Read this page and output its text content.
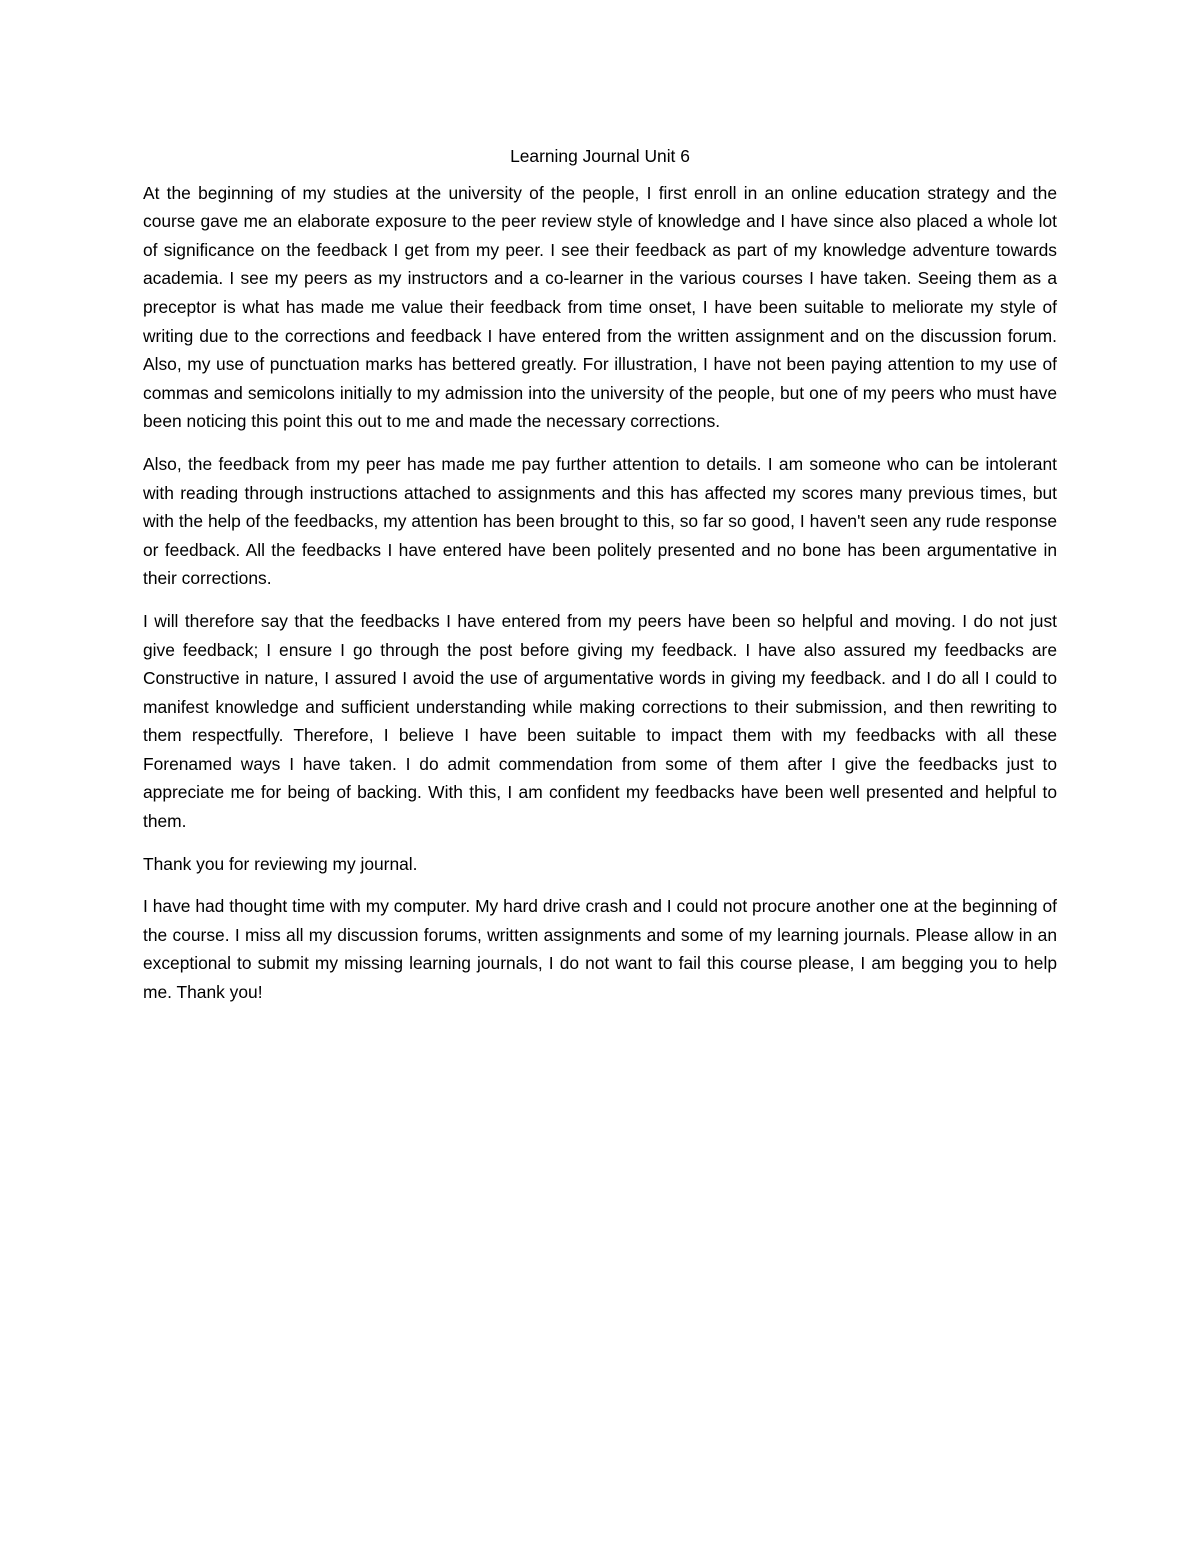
Learning Journal Unit 6

At the beginning of my studies at the university of the people, I first enroll in an online education strategy and the course gave me an elaborate exposure to the peer review style of knowledge and I have since also placed a whole lot of significance on the feedback I get from my peer. I see their feedback as part of my knowledge adventure towards academia. I see my peers as my instructors and a co-learner in the various courses I have taken. Seeing them as a preceptor is what has made me value their feedback from time onset, I have been suitable to meliorate my style of writing due to the corrections and feedback I have entered from the written assignment and on the discussion forum. Also, my use of punctuation marks has bettered greatly. For illustration, I have not been paying attention to my use of commas and semicolons initially to my admission into the university of the people, but one of my peers who must have been noticing this point this out to me and made the necessary corrections.

Also, the feedback from my peer has made me pay further attention to details. I am someone who can be intolerant with reading through instructions attached to assignments and this has affected my scores many previous times, but with the help of the feedbacks, my attention has been brought to this, so far so good, I haven't seen any rude response or feedback. All the feedbacks I have entered have been politely presented and no bone has been argumentative in their corrections.

I will therefore say that the feedbacks I have entered from my peers have been so helpful and moving. I do not just give feedback; I ensure I go through the post before giving my feedback. I have also assured my feedbacks are Constructive in nature, I assured I avoid the use of argumentative words in giving my feedback. and I do all I could to manifest knowledge and sufficient understanding while making corrections to their submission, and then rewriting to them respectfully. Therefore, I believe I have been suitable to impact them with my feedbacks with all these Forenamed ways I have taken. I do admit commendation from some of them after I give the feedbacks just to appreciate me for being of backing. With this, I am confident my feedbacks have been well presented and helpful to them.

Thank you for reviewing my journal.

I have had thought time with my computer. My hard drive crash and I could not procure another one at the beginning of the course. I miss all my discussion forums, written assignments and some of my learning journals. Please allow in an exceptional to submit my missing learning journals, I do not want to fail this course please, I am begging you to help me. Thank you!
